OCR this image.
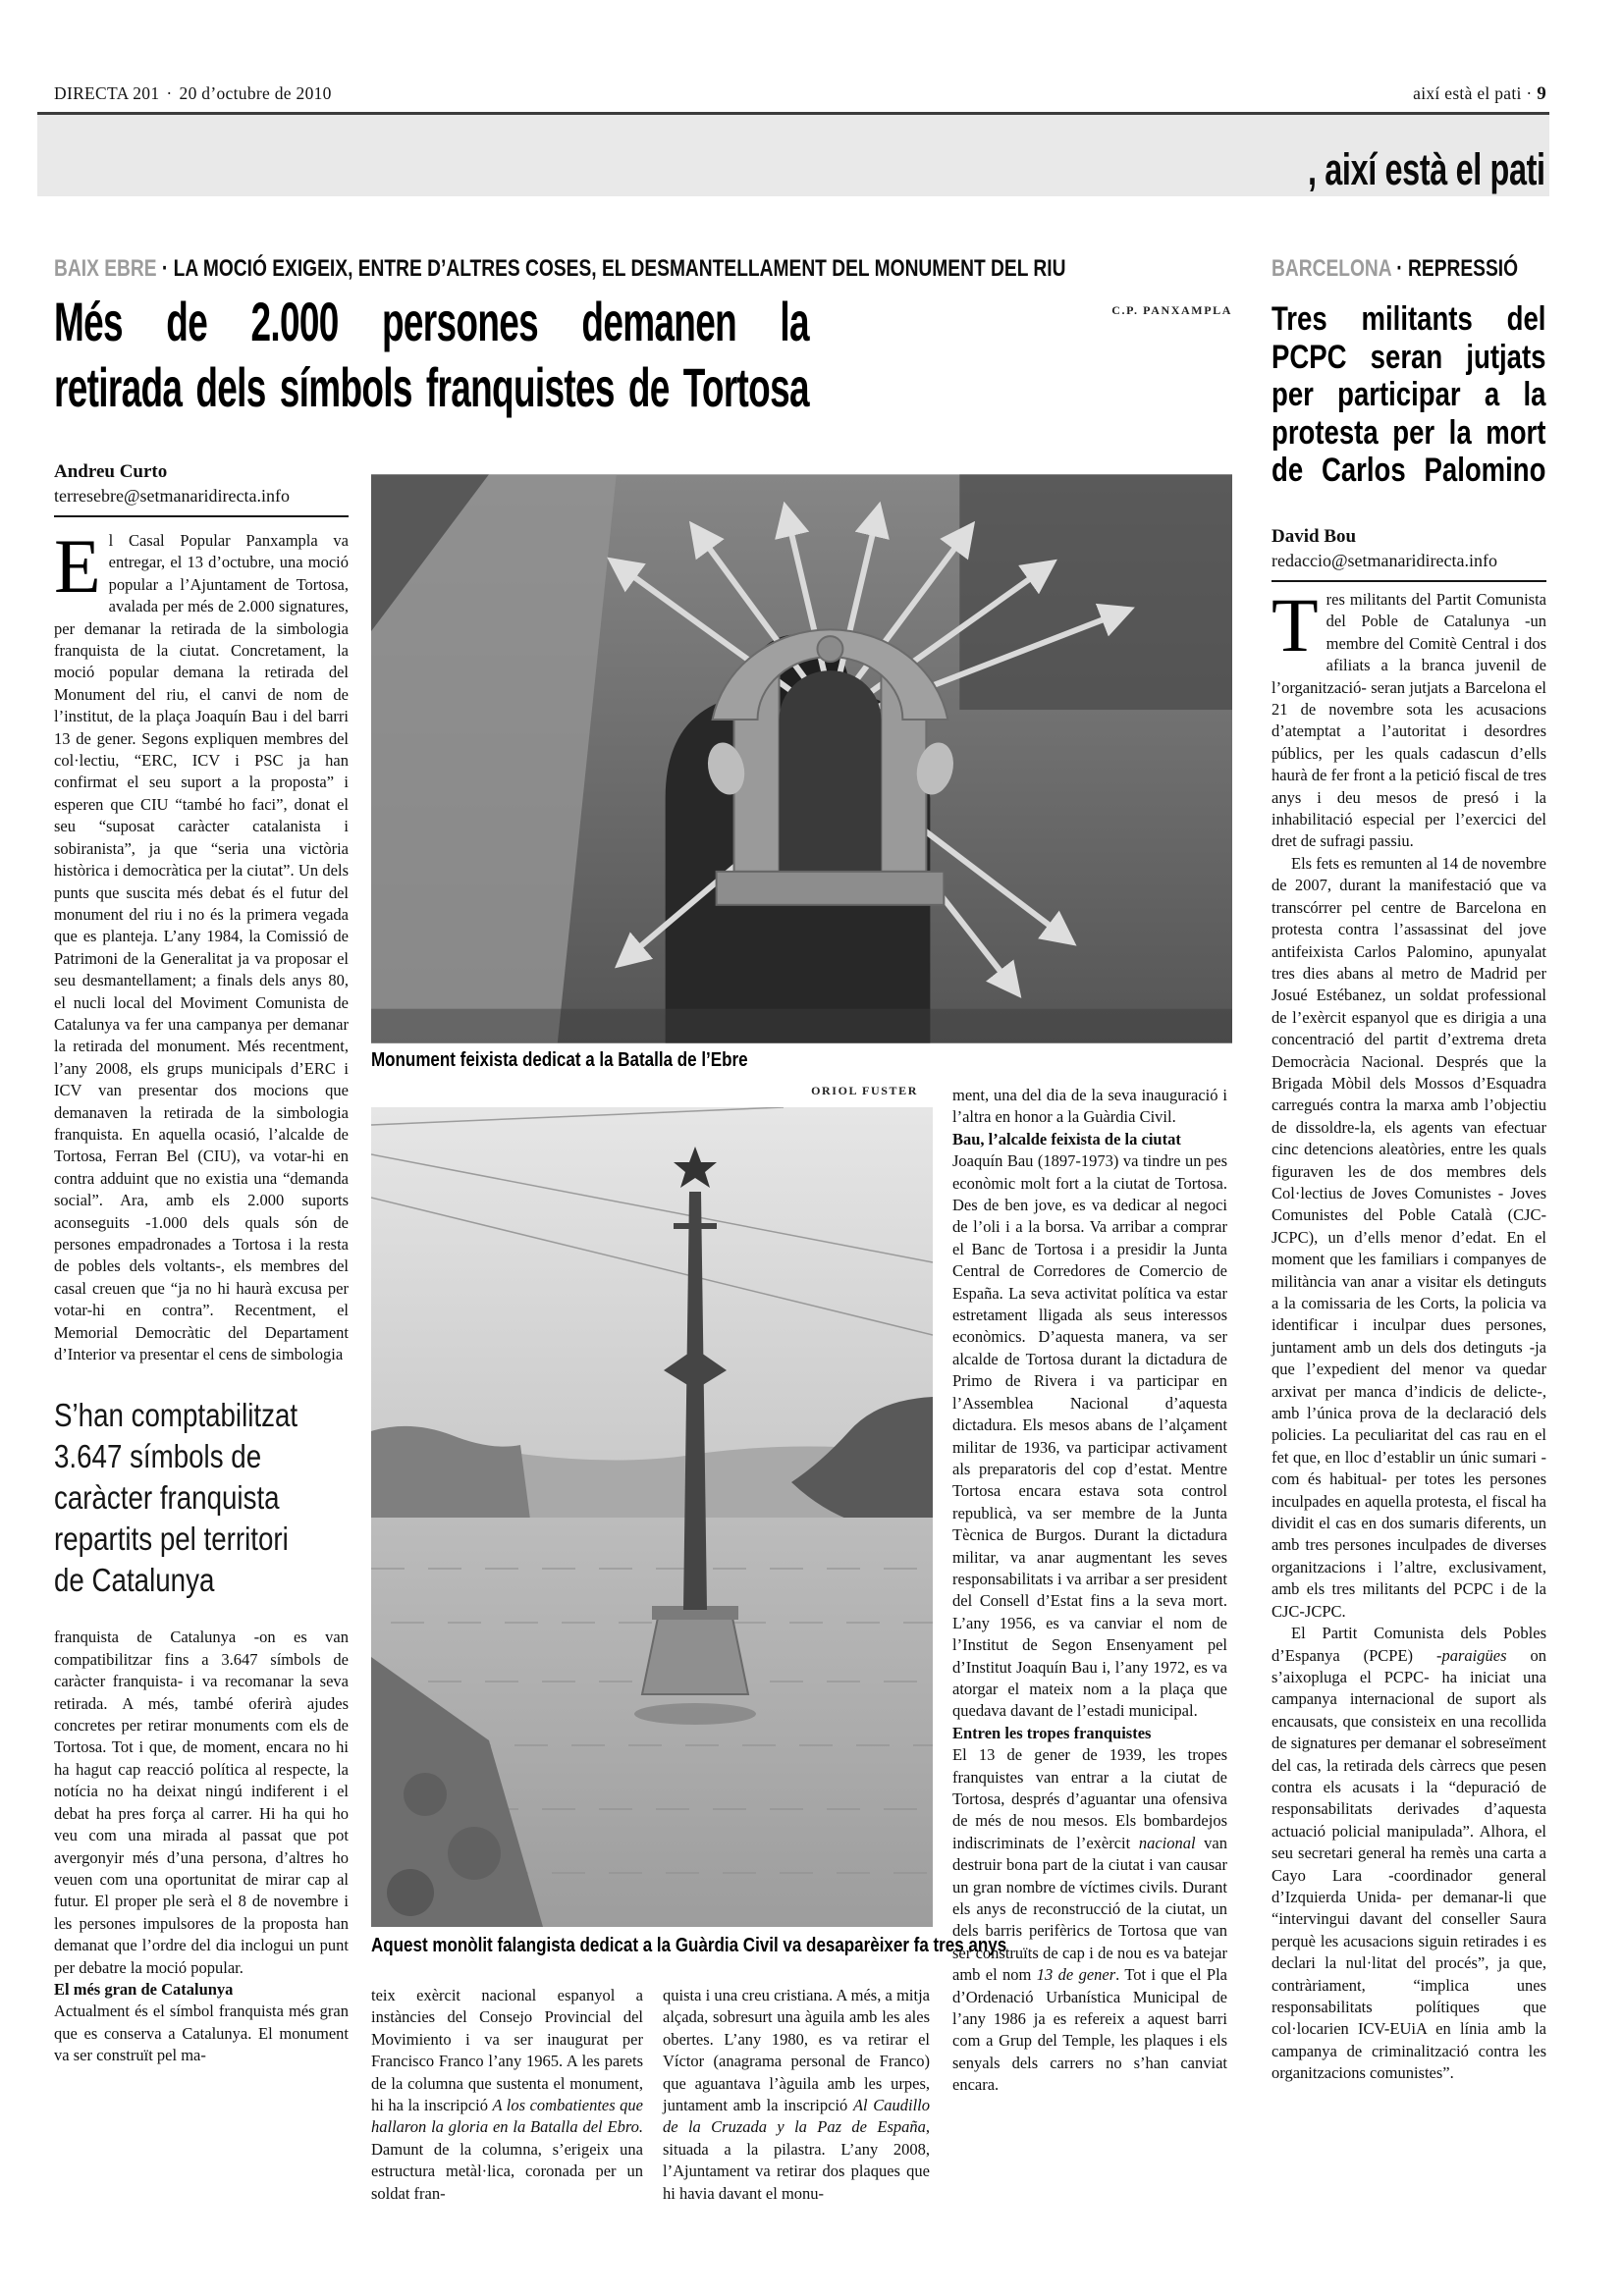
DIRECTA 201 · 20 d’octubre de 2010	així està el pati · 9
, així està el pati
BAIX EBRE · LA MOCIÓ EXIGEIX, ENTRE D’ALTRES COSES, EL DESMANTELLAMENT DEL MONUMENT DEL RIU
Més de 2.000 persones demanen la
retirada dels símbols franquistes de Tortosa
C.P. PANXAMPLA
Andreu Curto
terresebre@setmanaridirecta.info
Monument feixista dedicat a la Batalla de l’Ebre
ORIOL FUSTER
Aquest monòlit falangista dedicat a la Guàrdia Civil va desaparèixer fa tres anys

El Casal Popular Panxampla va entregar, el 13 d’octubre, una moció popular a l’Ajuntament de Tortosa, avalada per més de 2.000 signatures, per demanar la retirada de la simbologia franquista de la ciutat. Concretament, la moció popular demana la retirada del Monument del riu, el canvi de nom de l’institut, de la plaça Joaquín Bau i del barri 13 de gener. Segons expliquen membres del col·lectiu, “ERC, ICV i PSC ja han confirmat el seu suport a la proposta” i esperen que CIU “també ho faci”, donat el seu “suposat caràcter catalanista i sobiranista”, ja que “seria una victòria històrica i democràtica per la ciutat”. Un dels punts que suscita més debat és el futur del monument del riu i no és la primera vegada que es planteja. L’any 1984, la Comissió de Patrimoni de la Generalitat ja va proposar el seu desmantellament; a finals dels anys 80, el nucli local del Moviment Comunista de Catalunya va fer una campanya per demanar la retirada del monument. Més recentment, l’any 2008, els grups municipals d’ERC i ICV van presentar dos mocions que demanaven la retirada de la simbologia franquista. En aquella ocasió, l’alcalde de Tortosa, Ferran Bel (CIU), va votar-hi en contra adduint que no existia una “demanda social”. Ara, amb els 2.000 suports aconseguits -1.000 dels quals són de persones empadronades a Tortosa i la resta de pobles dels voltants-, els membres del casal creuen que “ja no hi haurà excusa per votar-hi en contra”. Recentment, el Memorial Democràtic del Departament d’Interior va presentar el cens de simbologia

S’han comptabilitzat
3.647 símbols de
caràcter franquista
repartits pel territori
de Catalunya

franquista de Catalunya -on es van compatibilitzar fins a 3.647 símbols de caràcter franquista- i va recomanar la seva retirada. A més, també oferirà ajudes concretes per retirar monuments com els de Tortosa. Tot i que, de moment, encara no hi ha hagut cap reacció política al respecte, la notícia no ha deixat ningú indiferent i el debat ha pres força al carrer. Hi ha qui ho veu com una mirada al passat que pot avergonyir més d’una persona, d’altres ho veuen com una oportunitat de mirar cap al futur. El proper ple serà el 8 de novembre i les persones impulsores de la proposta han demanat que l’ordre del dia inclogui un punt per debatre la moció popular.

El més gran de Catalunya

Actualment és el símbol franquista més gran que es conserva a Catalunya. El monument va ser construït pel ma-

teix exèrcit nacional espanyol a instàncies del Consejo Provincial del Movimiento i va ser inaugurat per Francisco Franco l’any 1965. A les parets de la columna que sustenta el monument, hi ha la inscripció A los combatientes que hallaron la gloria en la Batalla del Ebro. Damunt de la columna, s’erigeix una estructura metàl·lica, coronada per un soldat fran-

quista i una creu cristiana. A més, a mitja alçada, sobresurt una àguila amb les ales obertes. L’any 1980, es va retirar el Víctor (anagrama personal de Franco) que aguantava l’àguila amb les urpes, juntament amb la inscripció Al Caudillo de la Cruzada y la Paz de España, situada a la pilastra. L’any 2008, l’Ajuntament va retirar dos plaques que hi havia davant el monu-

ment, una del dia de la seva inauguració i l’altra en honor a la Guàrdia Civil.

Bau, l’alcalde feixista de la ciutat

Joaquín Bau (1897-1973) va tindre un pes econòmic molt fort a la ciutat de Tortosa. Des de ben jove, es va dedicar al negoci de l’oli i a la borsa. Va arribar a comprar el Banc de Tortosa i a presidir la Junta Central de Corredores de Comercio de España. La seva activitat política va estar estretament lligada als seus interessos econòmics. D’aquesta manera, va ser alcalde de Tortosa durant la dictadura de Primo de Rivera i va participar en l’Assemblea Nacional d’aquesta dictadura. Els mesos abans de l’alçament militar de 1936, va participar activament als preparatoris del cop d’estat. Mentre Tortosa encara estava sota control republicà, va ser membre de la Junta Tècnica de Burgos. Durant la dictadura militar, va anar augmentant les seves responsabilitats i va arribar a ser president del Consell d’Estat fins a la seva mort. L’any 1956, es va canviar el nom de l’Institut de Segon Ensenyament pel d’Institut Joaquín Bau i, l’any 1972, es va atorgar el mateix nom a la plaça que quedava davant de l’estadi municipal.

Entren les tropes franquistes

El 13 de gener de 1939, les tropes franquistes van entrar a la ciutat de Tortosa, després d’aguantar una ofensiva de més de nou mesos. Els bombardejos indiscriminats de l’exèrcit nacional van destruir bona part de la ciutat i van causar un gran nombre de víctimes civils. Durant els anys de reconstrucció de la ciutat, un dels barris perifèrics de Tortosa que van ser construïts de cap i de nou es va batejar amb el nom 13 de gener. Tot i que el Pla d’Ordenació Urbanística Municipal de l’any 1986 ja es refereix a aquest barri com a Grup del Temple, les plaques i els senyals dels carrers no s’han canviat encara.

BARCELONA · REPRESSIÓ
Tres militants del
PCPC seran jutjats
per participar a la
protesta per la mort
de Carlos Palomino
David Bou
redaccio@setmanaridirecta.info

Tres militants del Partit Comunista del Poble de Catalunya -un membre del Comitè Central i dos afiliats a la branca juvenil de l’organització- seran jutjats a Barcelona el 21 de novembre sota les acusacions d’atemptat a l’autoritat i desordres públics, per les quals cadascun d’ells haurà de fer front a la petició fiscal de tres anys i deu mesos de presó i la inhabilitació especial per l’exercici del dret de sufragi passiu.

Els fets es remunten al 14 de novembre de 2007, durant la manifestació que va transcórrer pel centre de Barcelona en protesta contra l’assassinat del jove antifeixista Carlos Palomino, apunyalat tres dies abans al metro de Madrid per Josué Estébanez, un soldat professional de l’exèrcit espanyol que es dirigia a una concentració del partit d’extrema dreta Democràcia Nacional. Després que la Brigada Mòbil dels Mossos d’Esquadra carregués contra la marxa amb l’objectiu de dissoldre-la, els agents van efectuar cinc detencions aleatòries, entre les quals figuraven les de dos membres dels Col·lectius de Joves Comunistes - Joves Comunistes del Poble Català (CJC-JCPC), un d’ells menor d’edat. En el moment que les familiars i companyes de militància van anar a visitar els detinguts a la comissaria de les Corts, la policia va identificar i inculpar dues persones, juntament amb un dels dos detinguts -ja que l’expedient del menor va quedar arxivat per manca d’indicis de delicte-, amb l’única prova de la declaració dels policies. La peculiaritat del cas rau en el fet que, en lloc d’establir un únic sumari -com és habitual- per totes les persones inculpades en aquella protesta, el fiscal ha dividit el cas en dos sumaris diferents, un amb tres persones inculpades de diverses organitzacions i l’altre, exclusivament, amb els tres militants del PCPC i de la CJC-JCPC.

El Partit Comunista dels Pobles d’Espanya (PCPE) -paraigües on s’aixopluga el PCPC- ha iniciat una campanya internacional de suport als encausats, que consisteix en una recollida de signatures per demanar el sobreseïment del cas, la retirada dels càrrecs que pesen contra els acusats i la “depuració de responsabilitats derivades d’aquesta actuació policial manipulada”. Alhora, el seu secretari general ha remès una carta a Cayo Lara -coordinador general d’Izquierda Unida- per demanar-li que “intervingui davant del conseller Saura perquè les acusacions siguin retirades i es declari la nul·litat del procés”, ja que, contràriament, “implica unes responsabilitats polítiques que col·locarien ICV-EUiA en línia amb la campanya de criminalització contra les organitzacions comunistes”.
